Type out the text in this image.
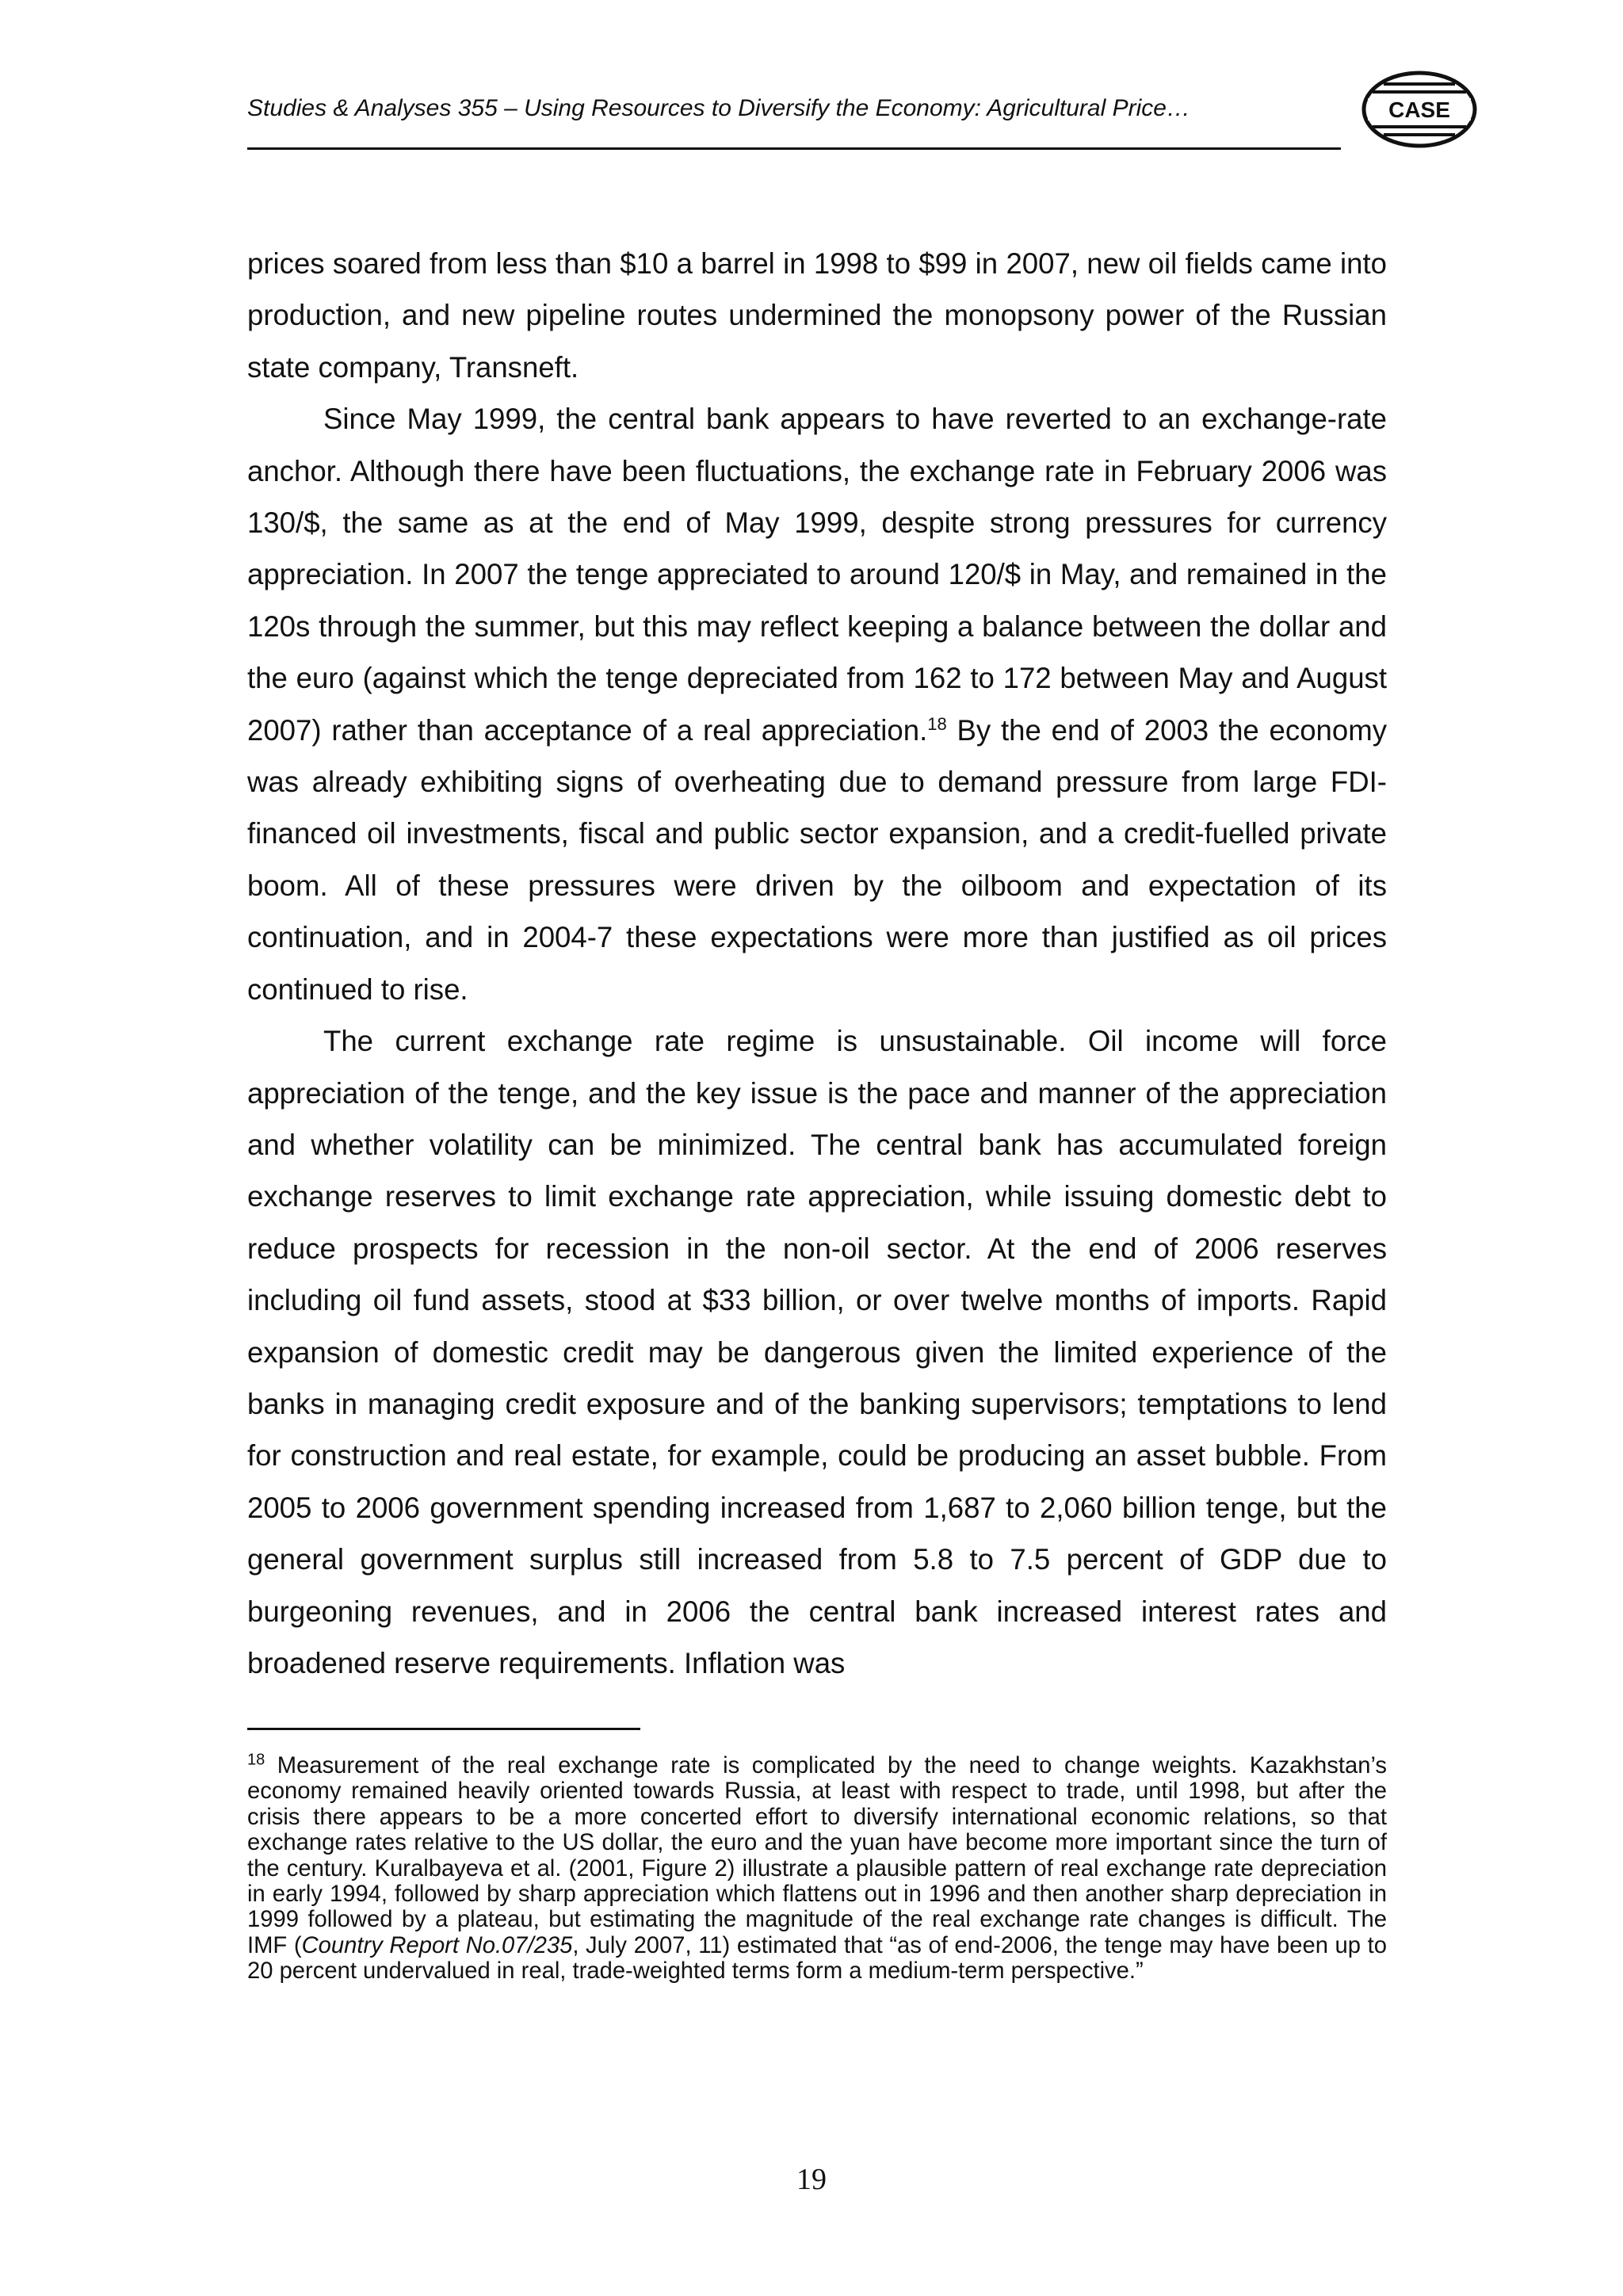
Studies & Analyses 355 – Using Resources to Diversify the Economy: Agricultural Price…	CASE

prices soared from less than $10 a barrel in 1998 to $99 in 2007, new oil fields came into production, and new pipeline routes undermined the monopsony power of the Russian state company, Transneft.

Since May 1999, the central bank appears to have reverted to an exchange-rate anchor. Although there have been fluctuations, the exchange rate in February 2006 was 130/$, the same as at the end of May 1999, despite strong pressures for currency appreciation. In 2007 the tenge appreciated to around 120/$ in May, and remained in the 120s through the summer, but this may reflect keeping a balance between the dollar and the euro (against which the tenge depreciated from 162 to 172 between May and August 2007) rather than acceptance of a real appreciation.$^{18}$ By the end of 2003 the economy was already exhibiting signs of overheating due to demand pressure from large FDI-financed oil investments, fiscal and public sector expansion, and a credit-fuelled private boom. All of these pressures were driven by the oilboom and expectation of its continuation, and in 2004-7 these expectations were more than justified as oil prices continued to rise.

The current exchange rate regime is unsustainable. Oil income will force appreciation of the tenge, and the key issue is the pace and manner of the appreciation and whether volatility can be minimized. The central bank has accumulated foreign exchange reserves to limit exchange rate appreciation, while issuing domestic debt to reduce prospects for recession in the non-oil sector. At the end of 2006 reserves including oil fund assets, stood at $33 billion, or over twelve months of imports. Rapid expansion of domestic credit may be dangerous given the limited experience of the banks in managing credit exposure and of the banking supervisors; temptations to lend for construction and real estate, for example, could be producing an asset bubble. From 2005 to 2006 government spending increased from 1,687 to 2,060 billion tenge, but the general government surplus still increased from 5.8 to 7.5 percent of GDP due to burgeoning revenues, and in 2006 the central bank increased interest rates and broadened reserve requirements. Inflation was

$^{18}$ Measurement of the real exchange rate is complicated by the need to change weights. Kazakhstan’s economy remained heavily oriented towards Russia, at least with respect to trade, until 1998, but after the crisis there appears to be a more concerted effort to diversify international economic relations, so that exchange rates relative to the US dollar, the euro and the yuan have become more important since the turn of the century. Kuralbayeva et al. (2001, Figure 2) illustrate a plausible pattern of real exchange rate depreciation in early 1994, followed by sharp appreciation which flattens out in 1996 and then another sharp depreciation in 1999 followed by a plateau, but estimating the magnitude of the real exchange rate changes is difficult. The IMF (Country Report No.07/235, July 2007, 11) estimated that “as of end-2006, the tenge may have been up to 20 percent undervalued in real, trade-weighted terms form a medium-term perspective.”
19
